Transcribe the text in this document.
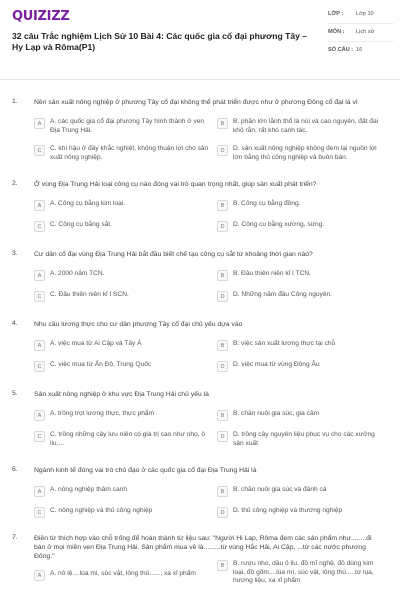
QUIZIZZ
32 câu Trắc nghiệm Lịch Sử 10 Bài 4: Các quốc gia cổ đại phương Tây – Hy Lạp và Rôma(P1)
LỚP :	Lớp 10
MÔN :	Lịch sử
SỐ CÂU : 16
1. Nền sản xuất nông nghiệp ở phương Tây cổ đại không thể phát triển được như ở phương Đông cổ đại là vì
A	A. các quốc gia cổ đại phương Tây hình thành ở ven Địa Trung Hải.
B	B. phần lớn lãnh thổ là núi và cao nguyên, đất đai khô rắn, rất khó canh tác.
C	C. khí hậu ở đây khắc nghiệt, không thuận lợi cho sản xuất nông nghiệp.
D	D. sản xuất nông nghiệp không đem lại nguồn lợi lớn bằng thủ công nghiệp và buôn bán.
2. Ở vùng Địa Trung Hải loại công cụ nào đóng vai trò quan trọng nhất, giúp sản xuất phát triển?
A	A. Công cụ bằng kim loại.	B	B. Công cụ bằng đồng.
C	C. Công cụ bằng sắt.	D	D. Công cụ bằng xương, sừng.
3. Cư dân cổ đại vùng Địa Trung Hải bắt đầu biết chế tạo công cụ sắt từ khoảng thời gian nào?
A	A. 2000 năm TCN.	B	B. Đầu thiên niên kỉ I TCN.
C	C. Đầu thiên niên kỉ I SCN.	D	D. Những năm đầu Công nguyên.
4. Nhu cầu lương thực cho cư dân phương Tây cổ đại chủ yếu dựa vào
A	A. việc mua từ Ai Cập và Tây Á	B	B. việc sản xuất lương thực tại chỗ
C	C. việc mua từ Ấn Độ, Trung Quốc	D	D. việc mua từ vùng Đông Âu
5. Sản xuất nông nghiệp ở khu vực Địa Trung Hải chủ yếu là
A	A. trồng trọt lương thực, thực phẩm	B	B. chăn nuôi gia súc, gia cầm
C	C. trồng những cây lưu niên có giá trị cao như nho, ô liu,...
D	D. trồng cây nguyên liệu phục vụ cho các xưởng sản xuất
6. Ngành kinh tế đóng vai trò chủ đạo ở các quốc gia cổ đại Địa Trung Hải là
A	A. nông nghiệp thâm canh	B	B. chăn nuôi gia súc và đánh cá
C	C. nông nghiệp và thủ công nghiệp	D	D. thủ công nghiệp và thương nghiệp
7. Điền từ thích hợp vào chỗ trống để hoàn thành từ liệu sau: "Người Hi Lạp, Rôma đem các sản phẩm như........đi bán ở mọi miền ven Địa Trung Hải. Sản phẩm mua về là.........từ vùng Hắc Hải, Ai Cập, ...từ các nước phương Đông."
A	A. nô lệ....lúa mì, súc vật, lông thú......, xa xỉ phẩm
B	B. rượu nho, dầu ô liu, đồ mĩ nghệ, đồ dùng kim loại, đồ gốm....lúa mì, súc vật, lông thú.....tơ lụa, hương liệu, xa xỉ phẩm
